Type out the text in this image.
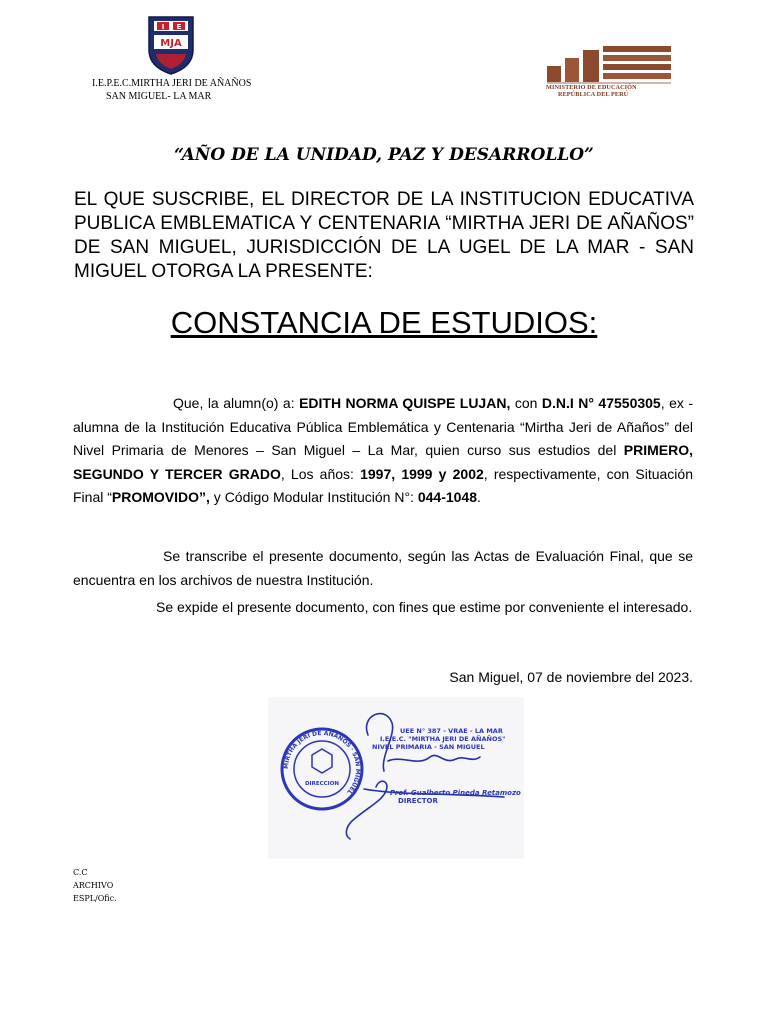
I E
MJA
I.E.P.E.C.MIRTHA JERI DE AÑAÑOS
SAN MIGUEL- LA MAR
MINISTERIO DE EDUCACIÓN
REPÚBLICA DEL PERÚ
“AÑO DE LA UNIDAD, PAZ Y DESARROLLO”
EL QUE SUSCRIBE, EL DIRECTOR DE LA INSTITUCION EDUCATIVA PUBLICA EMBLEMATICA Y CENTENARIA “MIRTHA JERI DE AÑAÑOS” DE SAN MIGUEL, JURISDICCIÓN DE LA UGEL DE LA MAR - SAN MIGUEL OTORGA LA PRESENTE:
CONSTANCIA DE ESTUDIOS:
Que, la alumn(o) a: EDITH NORMA QUISPE LUJAN, con D.N.I N° 47550305, ex - alumna de la Institución Educativa Pública Emblemática y Centenaria “Mirtha Jeri de Añaños” del Nivel Primaria de Menores – San Miguel – La Mar, quien curso sus estudios del PRIMERO, SEGUNDO Y TERCER GRADO, Los años: 1997, 1999 y 2002, respectivamente, con Situación Final “PROMOVIDO”, y Código Modular Institución N°: 044-1048.
Se transcribe el presente documento, según las Actas de Evaluación Final, que se encuentra en los archivos de nuestra Institución.
Se expide el presente documento, con fines que estime por conveniente el interesado.
San Miguel, 07 de noviembre del 2023.
MIRTHA JERI DE AÑAÑOS · SAN MIGUEL
DIRECCION
UEE N° 387 - VRAE - LA MAR
I.E.E.C. "MIRTHA JERI DE AÑAÑOS"
NIVEL PRIMARIA - SAN MIGUEL
Prof. Gualberto Pineda Retamozo
DIRECTOR
C.C
ARCHIVO
ESPL/Ofic.
